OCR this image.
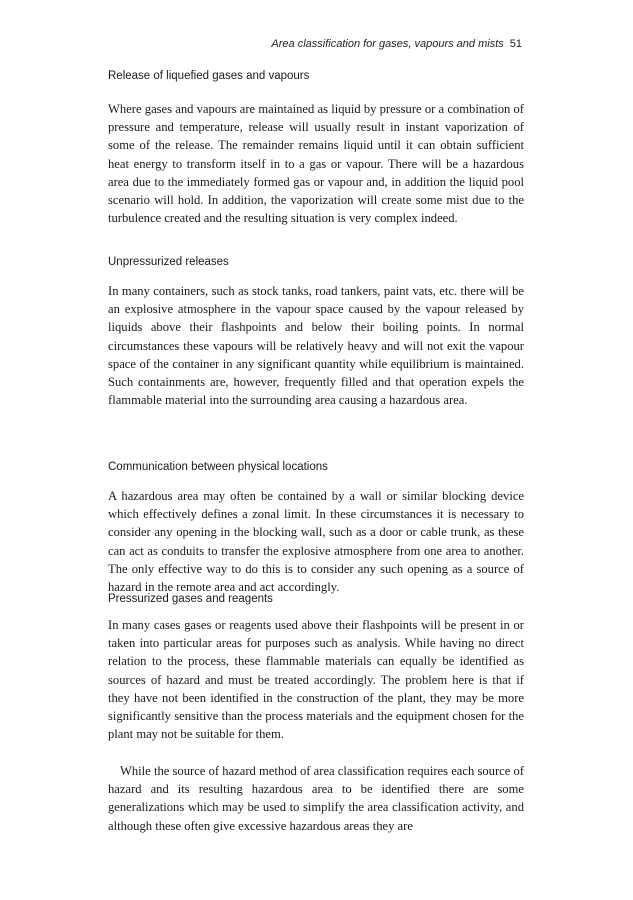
Area classification for gases, vapours and mists 51
Release of liquefied gases and vapours
Where gases and vapours are maintained as liquid by pressure or a combination of pressure and temperature, release will usually result in instant vaporization of some of the release. The remainder remains liquid until it can obtain sufficient heat energy to transform itself in to a gas or vapour. There will be a hazardous area due to the immediately formed gas or vapour and, in addition the liquid pool scenario will hold. In addition, the vaporization will create some mist due to the turbulence created and the resulting situation is very complex indeed.
Unpressurized releases
In many containers, such as stock tanks, road tankers, paint vats, etc. there will be an explosive atmosphere in the vapour space caused by the vapour released by liquids above their flashpoints and below their boiling points. In normal circumstances these vapours will be relatively heavy and will not exit the vapour space of the container in any significant quantity while equilibrium is maintained. Such containments are, however, frequently filled and that operation expels the flammable material into the surrounding area causing a hazardous area.
Communication between physical locations
A hazardous area may often be contained by a wall or similar blocking device which effectively defines a zonal limit. In these circumstances it is necessary to consider any opening in the blocking wall, such as a door or cable trunk, as these can act as conduits to transfer the explosive atmosphere from one area to another. The only effective way to do this is to consider any such opening as a source of hazard in the remote area and act accordingly.
Pressurized gases and reagents
In many cases gases or reagents used above their flashpoints will be present in or taken into particular areas for purposes such as analysis. While having no direct relation to the process, these flammable materials can equally be identified as sources of hazard and must be treated accordingly. The problem here is that if they have not been identified in the construction of the plant, they may be more significantly sensitive than the process materials and the equipment chosen for the plant may not be suitable for them.
While the source of hazard method of area classification requires each source of hazard and its resulting hazardous area to be identified there are some generalizations which may be used to simplify the area classification activity, and although these often give excessive hazardous areas they are
